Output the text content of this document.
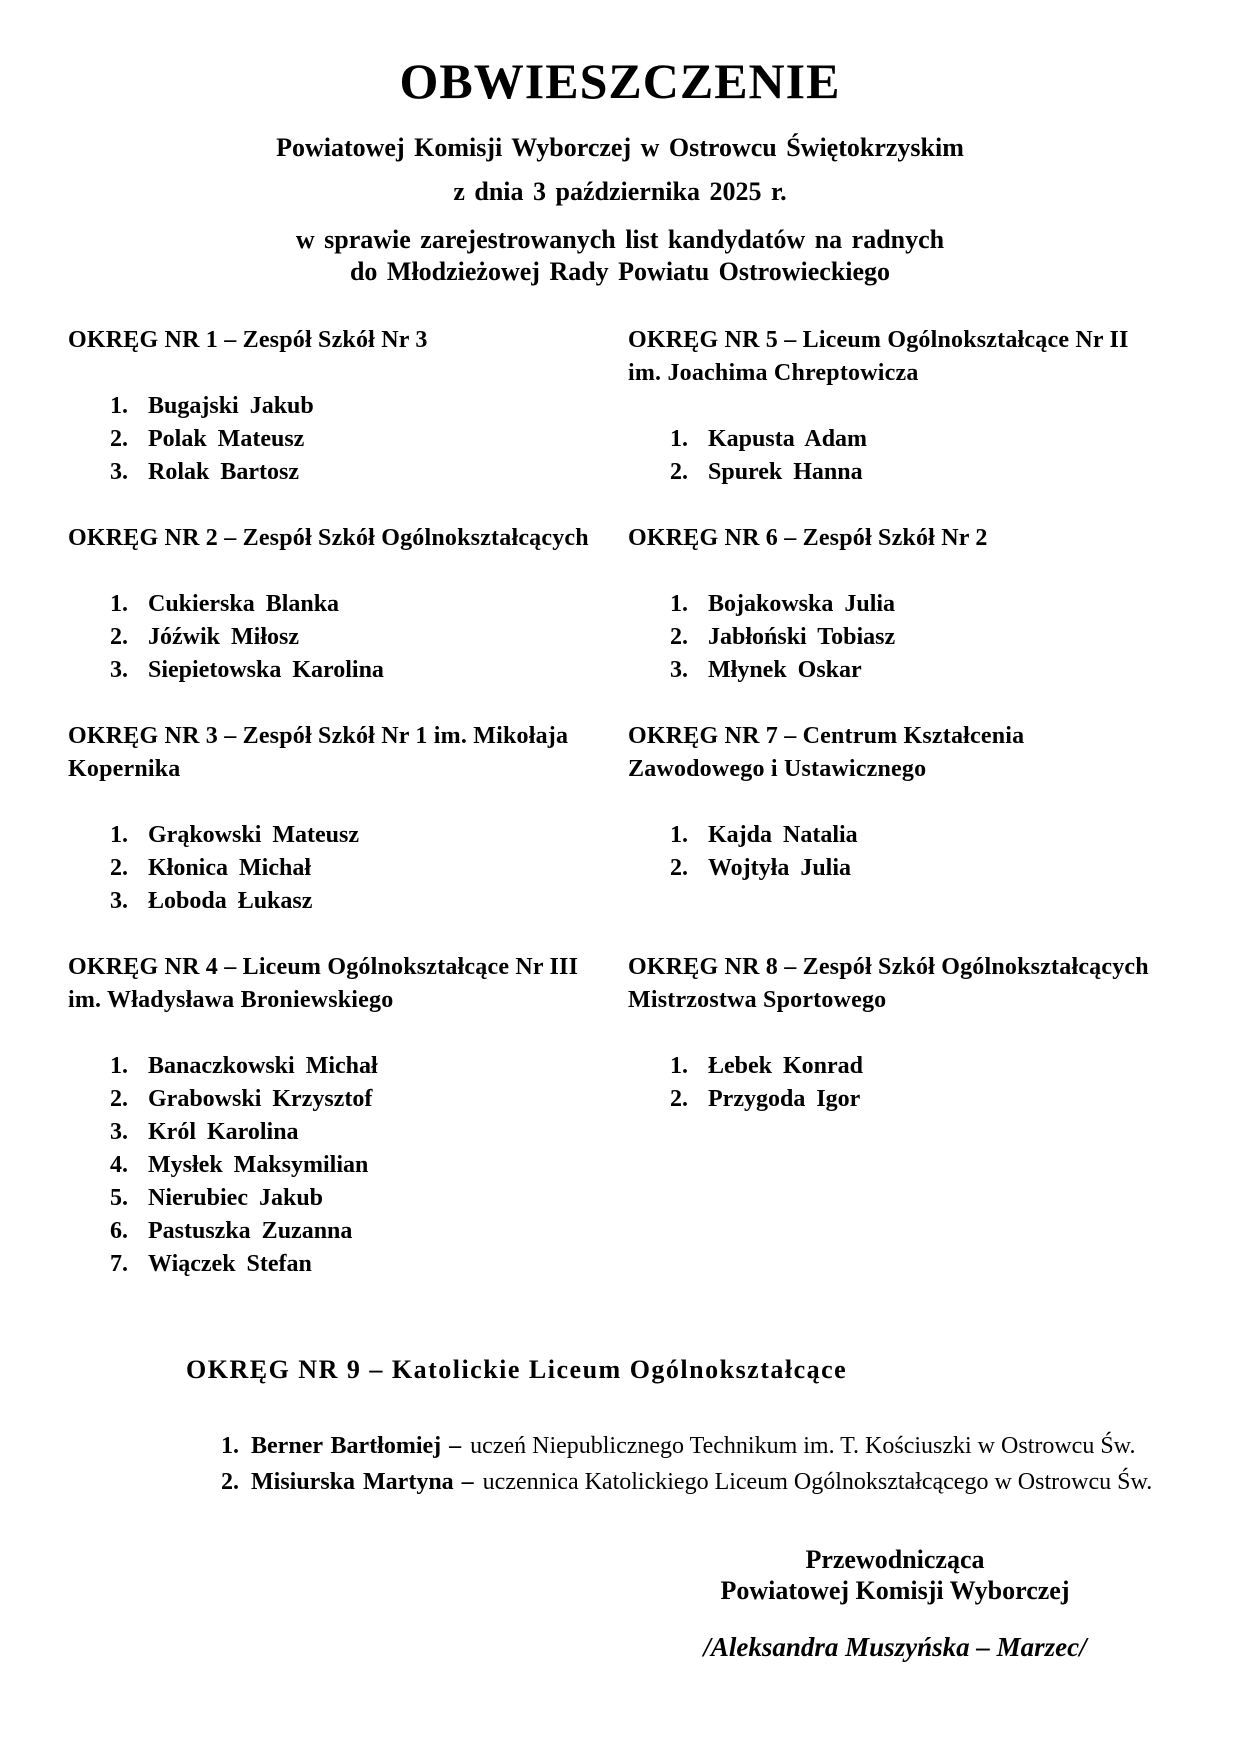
OBWIESZCZENIE
Powiatowej Komisji Wyborczej w Ostrowcu Świętokrzyskim
z dnia 3 października 2025 r.
w sprawie zarejestrowanych list kandydatów na radnych
do Młodzieżowej Rady Powiatu Ostrowieckiego
OKRĘG NR 1 – Zespół Szkół Nr 3
1. Bugajski Jakub
2. Polak Mateusz
3. Rolak Bartosz
OKRĘG NR 5 – Liceum Ogólnokształcące Nr II
im. Joachima Chreptowicza
1. Kapusta Adam
2. Spurek Hanna
OKRĘG NR 2 – Zespół Szkół Ogólnokształcących
1. Cukierska Blanka
2. Jóźwik Miłosz
3. Siepietowska Karolina
OKRĘG NR 6 – Zespół Szkół Nr 2
1. Bojakowska Julia
2. Jabłoński Tobiasz
3. Młynek Oskar
OKRĘG NR 3 – Zespół Szkół Nr 1 im. Mikołaja
Kopernika
1. Grąkowski Mateusz
2. Kłonica Michał
3. Łoboda Łukasz
OKRĘG NR 7 – Centrum Kształcenia
Zawodowego i Ustawicznego
1. Kajda Natalia
2. Wojtyła Julia
OKRĘG NR 4 – Liceum Ogólnokształcące Nr III
im. Władysława Broniewskiego
1. Banaczkowski Michał
2. Grabowski Krzysztof
3. Król Karolina
4. Mysłek Maksymilian
5. Nierubiec Jakub
6. Pastuszka Zuzanna
7. Wiączek Stefan
OKRĘG NR 8 – Zespół Szkół Ogólnokształcących
Mistrzostwa Sportowego
1. Łebek Konrad
2. Przygoda Igor
OKRĘG NR 9 – Katolickie Liceum Ogólnokształcące
1. Berner Bartłomiej – uczeń Niepublicznego Technikum im. T. Kościuszki w Ostrowcu Św.
2. Misiurska Martyna – uczennica Katolickiego Liceum Ogólnokształcącego w Ostrowcu Św.
Przewodnicząca
Powiatowej Komisji Wyborczej
/Aleksandra Muszyńska – Marzec/
